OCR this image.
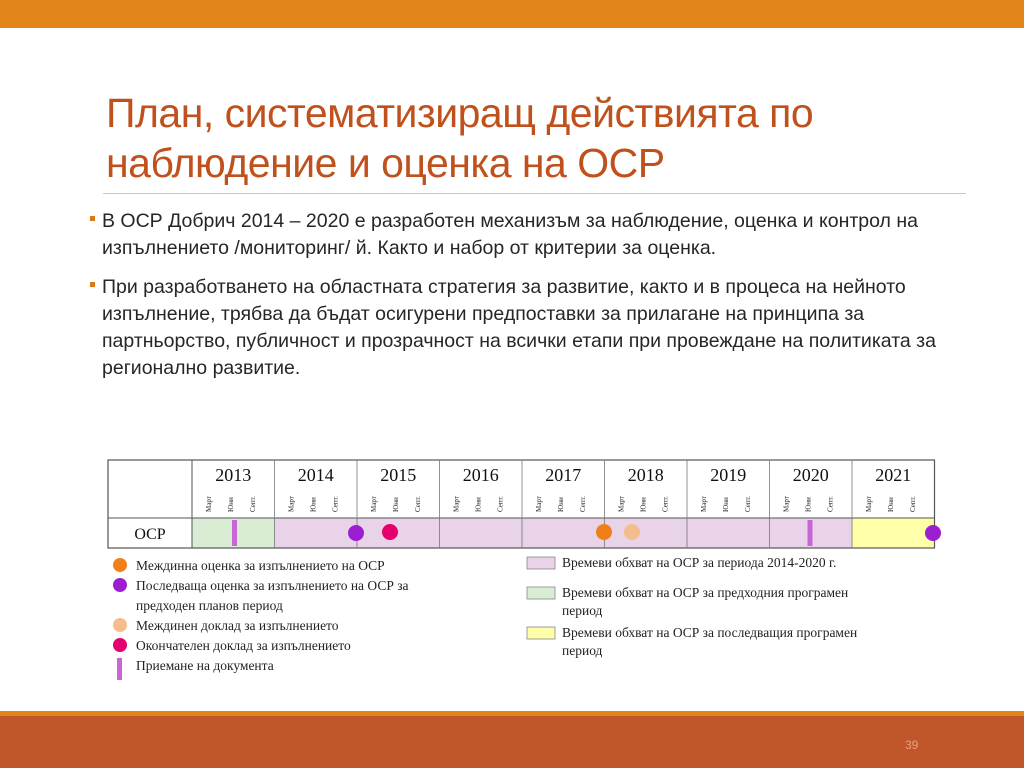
План, систематизиращ действията по
наблюдение и оценка на ОСР
В ОСР Добрич 2014 – 2020 е разработен механизъм за наблюдение, оценка и контрол на изпълнението /мониторинг/ й. Както и набор от критерии за оценка.
При разработването на областната стратегия за развитие, както и в процеса на нейното изпълнение, трябва да бъдат осигурени предпоставки за прилагане на принципа за партньорство, публичност и прозрачност на всички етапи при провеждане на политиката за регионално развитие.
2013
Март Юни Септ.
2014
Март Юни Септ.
2015
Март Юни Септ.
2016
Март Юни Септ.
2017
Март Юни Септ.
2018
Март Юни Септ.
2019
Март Юни Септ.
2020
Март Юни Септ.
2021
Март Юни Септ.
ОСР
Междинна оценка за изпълнението на ОСР
Последваща оценка за изпълнението на ОСР за
предходен планов период
Междинен доклад за изпълнението
Окончателен доклад за изпълнението
Приемане на документа
Времеви обхват на ОСР за периода 2014-2020 г.
Времеви обхват на ОСР за предходния програмен
период
Времеви обхват на ОСР за последващия програмен
период
39
